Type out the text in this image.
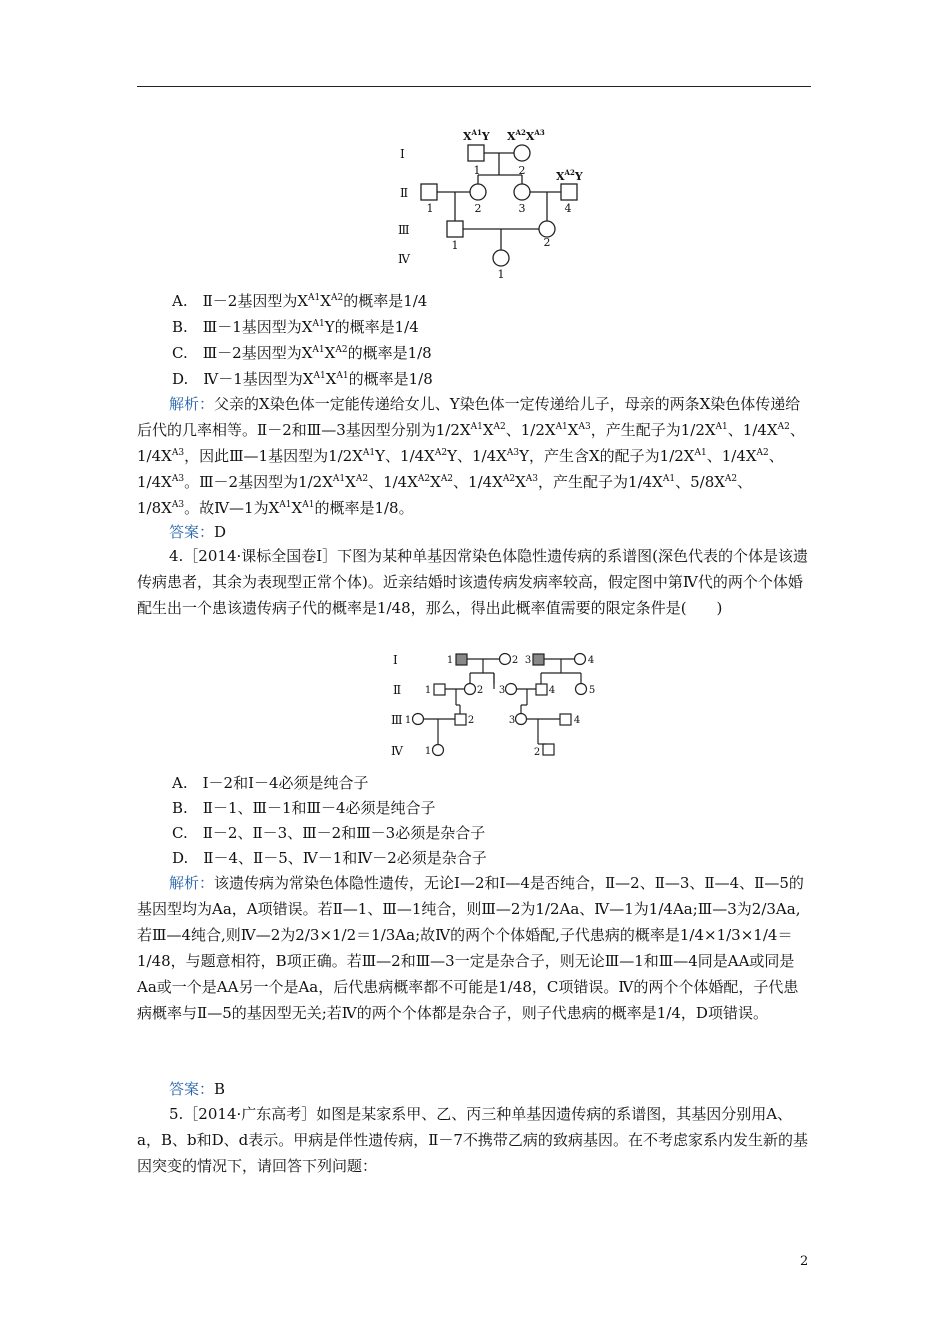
Ⅰ
Ⅱ
Ⅲ
Ⅳ
$X^{A1}Y$ $X^{A2}X^{A3}$
$X^{A2}Y$
1	2
1	2	3	4
1	2
1
A.　Ⅱ－2基因型为$X^{A1}X^{A2}$的概率是1/4
B.　Ⅲ－1基因型为$X^{A1}Y$的概率是1/4
C.　Ⅲ－2基因型为$X^{A1}X^{A2}$的概率是1/8
D.　Ⅳ－1基因型为$X^{A1}X^{A1}$的概率是1/8
解析：父亲的X染色体一定能传递给女儿、Y染色体一定传递给儿子，母亲的两条X染色体传递给后代的几率相等。Ⅱ－2和Ⅲ—3基因型分别为$1/2X^{A1}X^{A2}$、$1/2X^{A1}X^{A3}$，产生配子为$1/2X^{A1}$、$1/4X^{A2}$、$1/4X^{A3}$，因此Ⅲ—1基因型为$1/2X^{A1}Y$、$1/4X^{A2}Y$、$1/4X^{A3}Y$，产生含X的配子为$1/2X^{A1}$、$1/4X^{A2}$、$1/4X^{A3}$。Ⅲ－2基因型为$1/2X^{A1}X^{A2}$、$1/4X^{A2}X^{A2}$、$1/4X^{A2}X^{A3}$，产生配子为$1/4X^{A1}$、$5/8X^{A2}$、$1/8X^{A3}$。故Ⅳ—1为$X^{A1}X^{A1}$的概率是1/8。
答案：D
4.［2014·课标全国卷Ⅰ］下图为某种单基因常染色体隐性遗传病的系谱图(深色代表的个体是该遗传病患者，其余为表现型正常个体)。近亲结婚时该遗传病发病率较高，假定图中第Ⅳ代的两个个体婚配生出一个患该遗传病子代的概率是1/48，那么，得出此概率值需要的限定条件是(　　)
Ⅰ
Ⅱ
Ⅲ
Ⅳ
1	2 3	4
1	2 3	4	5
1	2	3	4
1	2
A.　Ⅰ－2和Ⅰ－4必须是纯合子
B.　Ⅱ－1、Ⅲ－1和Ⅲ－4必须是纯合子
C.　Ⅱ－2、Ⅱ－3、Ⅲ－2和Ⅲ－3必须是杂合子
D.　Ⅱ－4、Ⅱ－5、Ⅳ－1和Ⅳ－2必须是杂合子
解析：该遗传病为常染色体隐性遗传，无论Ⅰ—2和Ⅰ—4是否纯合，Ⅱ—2、Ⅱ—3、Ⅱ—4、Ⅱ—5的基因型均为Aa，A项错误。若Ⅱ—1、Ⅲ—1纯合，则Ⅲ—2为1/2Aa、Ⅳ—1为1/4Aa;Ⅲ—3为2/3Aa,若Ⅲ—4纯合,则Ⅳ—2为2/3×1/2＝1/3Aa;故Ⅳ的两个个体婚配,子代患病的概率是1/4×1/3×1/4＝1/48，与题意相符，B项正确。若Ⅲ—2和Ⅲ—3一定是杂合子，则无论Ⅲ—1和Ⅲ—4同是AA或同是Aa或一个是AA另一个是Aa，后代患病概率都不可能是1/48，C项错误。Ⅳ的两个个体婚配，子代患病概率与Ⅱ—5的基因型无关;若Ⅳ的两个个体都是杂合子，则子代患病的概率是1/4，D项错误。
答案：B
5.［2014·广东高考］如图是某家系甲、乙、丙三种单基因遗传病的系谱图，其基因分别用A、a，B、b和D、d表示。甲病是伴性遗传病，Ⅱ－7不携带乙病的致病基因。在不考虑家系内发生新的基因突变的情况下，请回答下列问题：
2
